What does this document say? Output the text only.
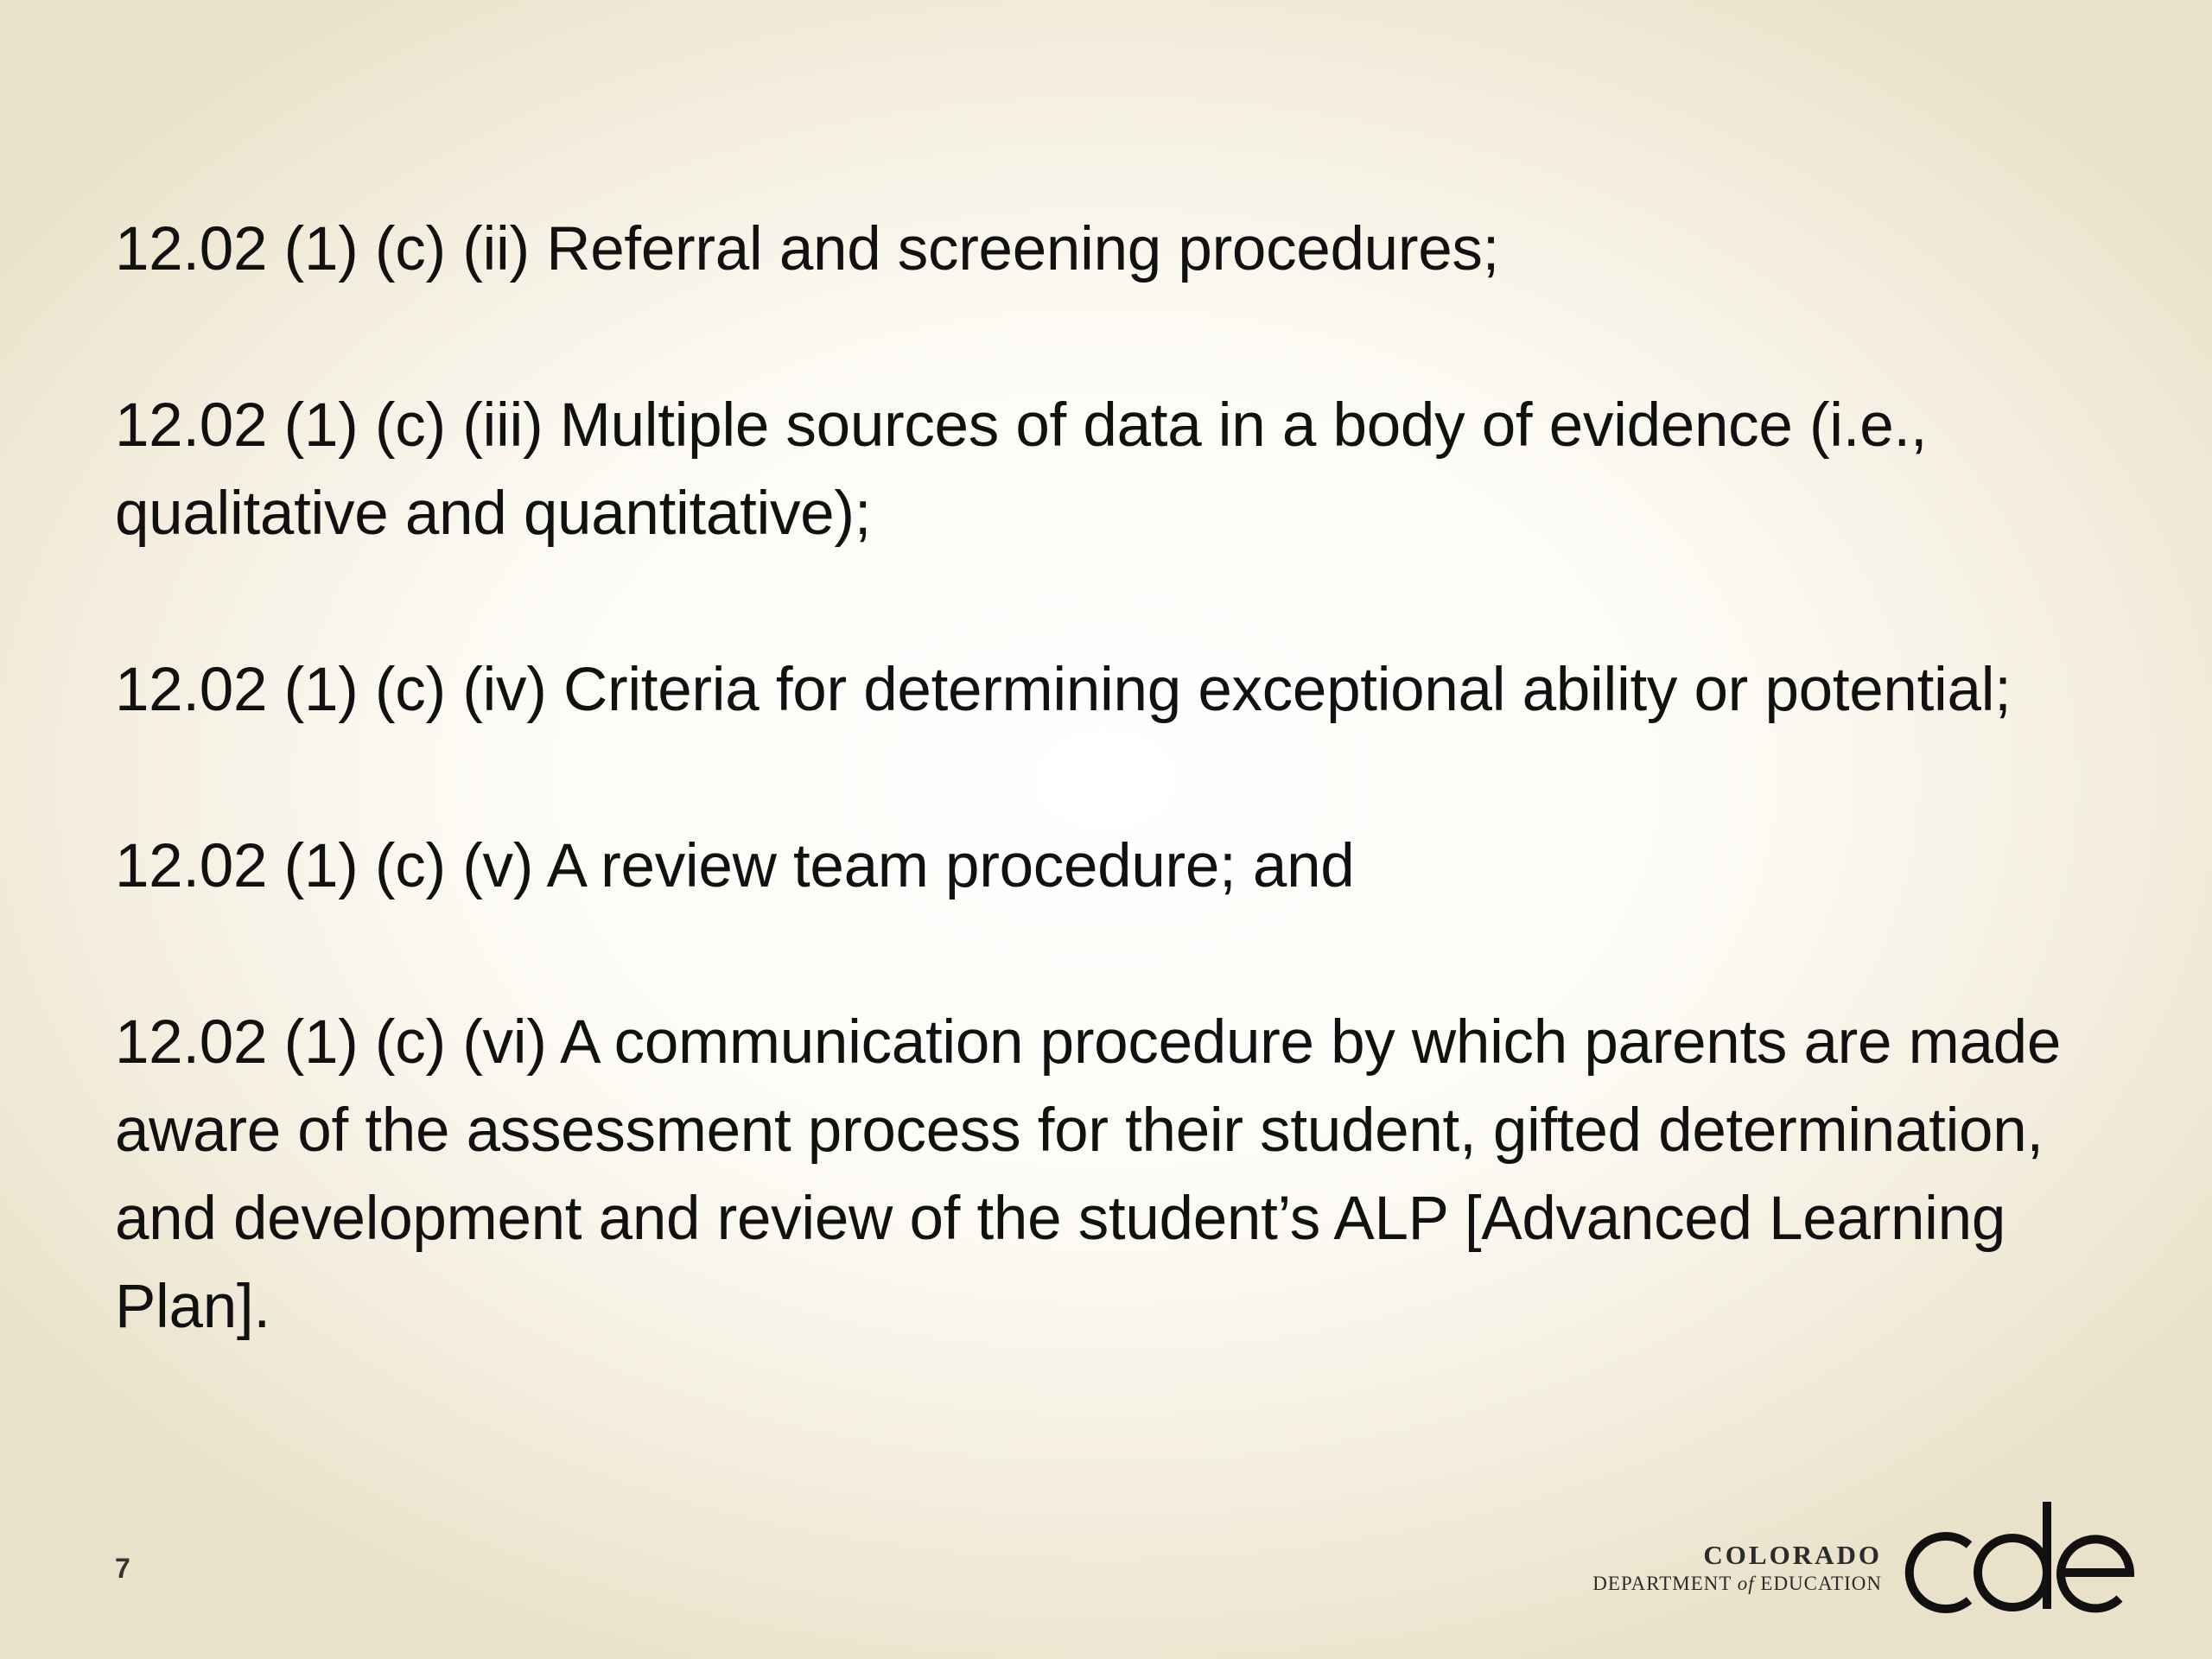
12.02 (1) (c) (ii) Referral and screening procedures;
12.02 (1) (c) (iii) Multiple sources of data in a body of evidence (i.e., qualitative and quantitative);
12.02 (1) (c) (iv) Criteria for determining exceptional ability or potential;
12.02 (1) (c) (v) A review team procedure; and
12.02 (1) (c) (vi) A communication procedure by which parents are made aware of the assessment process for their student, gifted determination, and development and review of the student’s ALP [Advanced Learning Plan].
7	COLORADO
DEPARTMENT of EDUCATION
